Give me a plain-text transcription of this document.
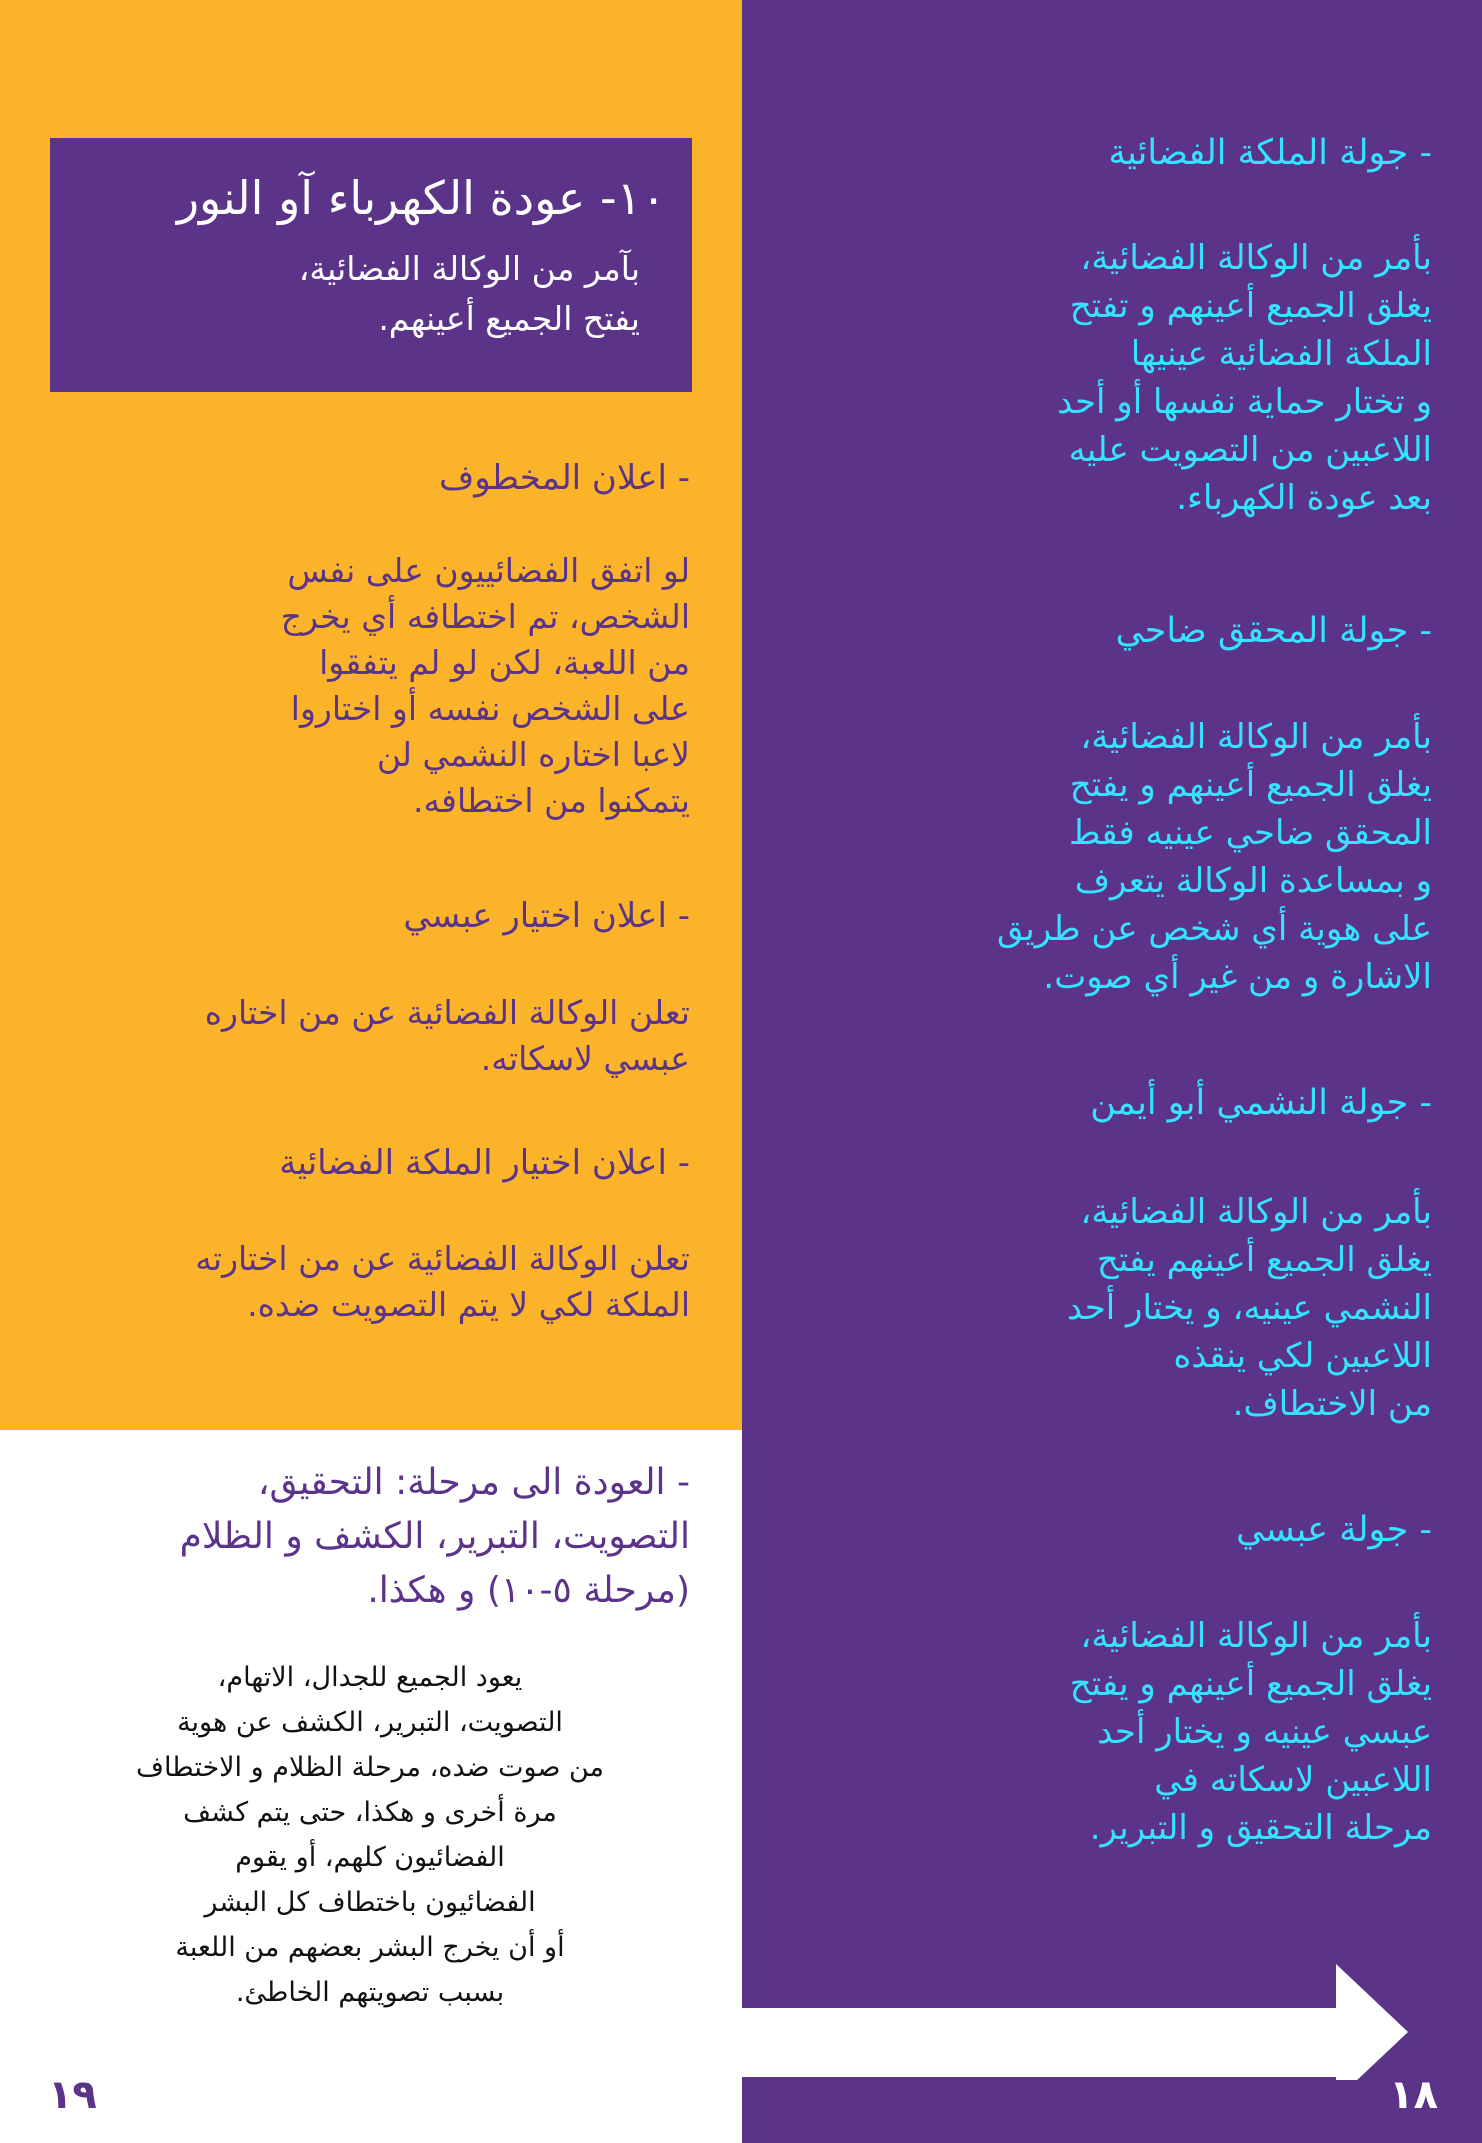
١٠- عودة الكهرباء آو النور
بآمر من الوكالة الفضائية،
يفتح الجميع أعينهم.
- اعلان المخطوف
لو اتفق الفضائييون على نفس
الشخص، تم اختطافه أي يخرج
من اللعبة، لكن لو لم يتفقوا
على الشخص نفسه أو اختاروا
لاعبا اختاره النشمي لن
يتمكنوا من اختطافه.
- اعلان اختيار عبسي
تعلن الوكالة الفضائية عن من اختاره
عبسي لاسكاته.
- اعلان اختيار الملكة الفضائية
تعلن الوكالة الفضائية عن من اختارته
الملكة لكي لا يتم التصويت ضده.
- العودة الى مرحلة: التحقيق،
التصويت، التبرير، الكشف و الظلام
(مرحلة ٥-١٠) و هكذا.
يعود الجميع للجدال، الاتهام،
التصويت، التبرير، الكشف عن هوية
من صوت ضده، مرحلة الظلام و الاختطاف
مرة أخرى و هكذا، حتى يتم كشف
الفضائيون كلهم، أو يقوم
الفضائيون باختطاف كل البشر
أو أن يخرج البشر بعضهم من اللعبة
بسبب تصويتهم الخاطئ.
١٩
- جولة الملكة الفضائية
بأمر من الوكالة الفضائية،
يغلق الجميع أعينهم و تفتح
الملكة الفضائية عينيها
و تختار حماية نفسها أو أحد
اللاعبين من التصويت عليه
بعد عودة الكهرباء.
- جولة المحقق ضاحي
بأمر من الوكالة الفضائية،
يغلق الجميع أعينهم و يفتح
المحقق ضاحي عينيه فقط
و بمساعدة الوكالة يتعرف
على هوية أي شخص عن طريق
الاشارة و من غير أي صوت.
- جولة النشمي أبو أيمن
بأمر من الوكالة الفضائية،
يغلق الجميع أعينهم يفتح
النشمي عينيه، و يختار أحد
اللاعبين لكي ينقذه
من الاختطاف.
- جولة عبسي
بأمر من الوكالة الفضائية،
يغلق الجميع أعينهم و يفتح
عبسي عينيه و يختار أحد
اللاعبين لاسكاته في
مرحلة التحقيق و التبرير.
١٨
